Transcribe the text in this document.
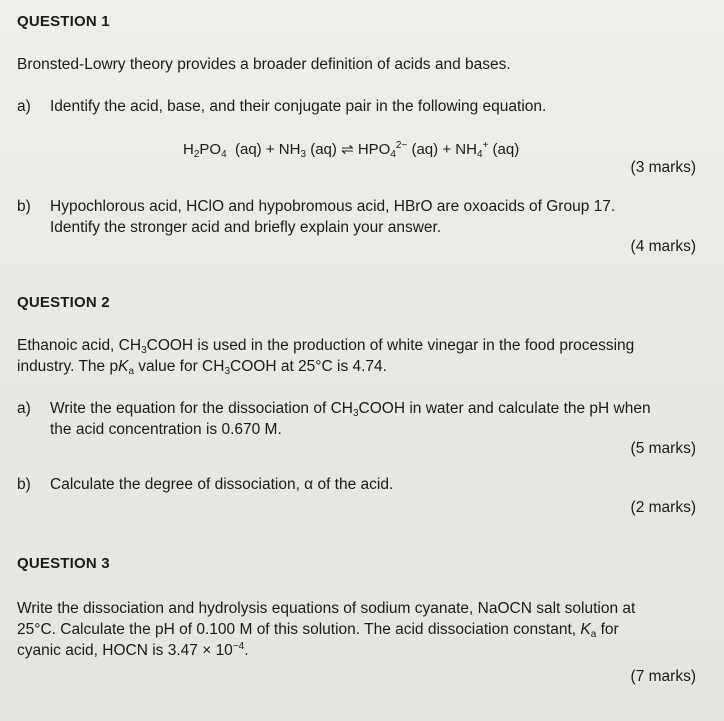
QUESTION 1
Bronsted-Lowry theory provides a broader definition of acids and bases.
a) Identify the acid, base, and their conjugate pair in the following equation.
$H_2PO_4$ $(aq) + NH_3$ (aq) ⇌ $HPO_4^{2-}$ $(aq) + NH_4^+$ (aq)
(3 marks)
b) Hypochlorous acid, HClO and hypobromous acid, HBrO are oxoacids of Group 17.
Identify the stronger acid and briefly explain your answer.
(4 marks)
QUESTION 2
Ethanoic acid, $CH_3COOH$ is used in the production of white vinegar in the food processing
industry. The $pK_a$ value for $CH_3COOH$ at 25°C is 4.74.
a) Write the equation for the dissociation of $CH_3COOH$ in water and calculate the pH when
the acid concentration is 0.670 M.
(5 marks)
b) Calculate the degree of dissociation, α of the acid.
(2 marks)
QUESTION 3
Write the dissociation and hydrolysis equations of sodium cyanate, NaOCN salt solution at
25°C. Calculate the pH of 0.100 M of this solution. The acid dissociation constant, $K_a$ for
cyanic acid, HOCN is $3.47 \times 10^{-4}$.
(7 marks)
